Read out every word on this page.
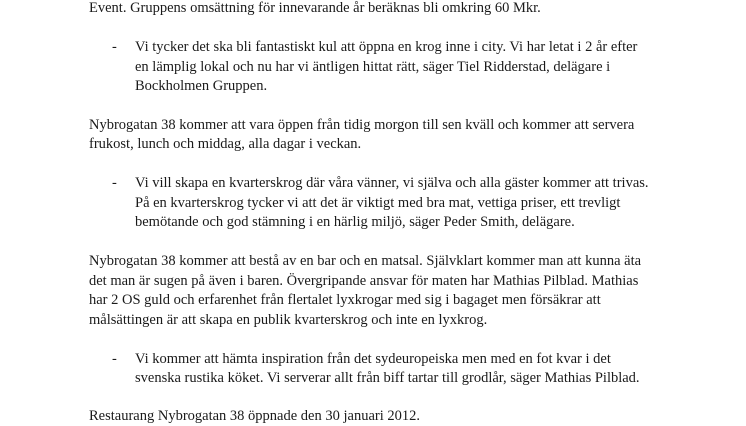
Event. Gruppens omsättning för innevarande år beräknas bli omkring 60 Mkr.
- Vi tycker det ska bli fantastiskt kul att öppna en krog inne i city. Vi har letat i 2 år efter
en lämplig lokal och nu har vi äntligen hittat rätt, säger Tiel Ridderstad, delägare i
Bockholmen Gruppen.
Nybrogatan 38 kommer att vara öppen från tidig morgon till sen kväll och kommer att servera
frukost, lunch och middag, alla dagar i veckan.
- Vi vill skapa en kvarterskrog där våra vänner, vi själva och alla gäster kommer att trivas.
På en kvarterskrog tycker vi att det är viktigt med bra mat, vettiga priser, ett trevligt
bemötande och god stämning i en härlig miljö, säger Peder Smith, delägare.
Nybrogatan 38 kommer att bestå av en bar och en matsal. Självklart kommer man att kunna äta
det man är sugen på även i baren. Övergripande ansvar för maten har Mathias Pilblad. Mathias
har 2 OS guld och erfarenhet från flertalet lyxkrogar med sig i bagaget men försäkrar att
målsättingen är att skapa en publik kvarterskrog och inte en lyxkrog.
- Vi kommer att hämta inspiration från det sydeuropeiska men med en fot kvar i det
svenska rustika köket. Vi serverar allt från biff tartar till grodlår, säger Mathias Pilblad.
Restaurang Nybrogatan 38 öppnade den 30 januari 2012.
